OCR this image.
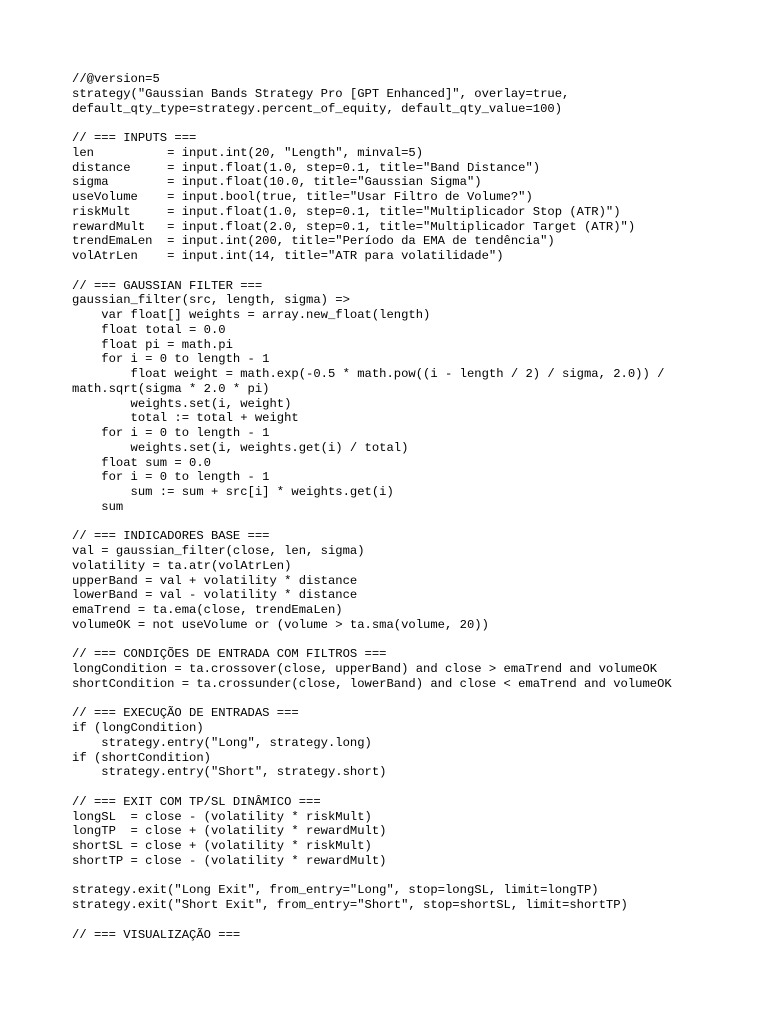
//@version=5
strategy("Gaussian Bands Strategy Pro [GPT Enhanced]", overlay=true,
default_qty_type=strategy.percent_of_equity, default_qty_value=100)
// === INPUTS ===
len          = input.int(20, "Length", minval=5)
distance     = input.float(1.0, step=0.1, title="Band Distance")
sigma        = input.float(10.0, title="Gaussian Sigma")
useVolume    = input.bool(true, title="Usar Filtro de Volume?")
riskMult     = input.float(1.0, step=0.1, title="Multiplicador Stop (ATR)")
rewardMult   = input.float(2.0, step=0.1, title="Multiplicador Target (ATR)")
trendEmaLen  = input.int(200, title="Período da EMA de tendência")
volAtrLen    = input.int(14, title="ATR para volatilidade")
// === GAUSSIAN FILTER ===
gaussian_filter(src, length, sigma) =>
var float[] weights = array.new_float(length)
float total = 0.0
float pi = math.pi
for i = 0 to length - 1
float weight = math.exp(-0.5 * math.pow((i - length / 2) / sigma, 2.0)) /
math.sqrt(sigma * 2.0 * pi)
weights.set(i, weight)
total := total + weight
for i = 0 to length - 1
weights.set(i, weights.get(i) / total)
float sum = 0.0
for i = 0 to length - 1
sum := sum + src[i] * weights.get(i)
sum
// === INDICADORES BASE ===
val = gaussian_filter(close, len, sigma)
volatility = ta.atr(volAtrLen)
upperBand = val + volatility * distance
lowerBand = val - volatility * distance
emaTrend = ta.ema(close, trendEmaLen)
volumeOK = not useVolume or (volume > ta.sma(volume, 20))
// === CONDIÇÕES DE ENTRADA COM FILTROS ===
longCondition = ta.crossover(close, upperBand) and close > emaTrend and volumeOK
shortCondition = ta.crossunder(close, lowerBand) and close < emaTrend and volumeOK
// === EXECUÇÃO DE ENTRADAS ===
if (longCondition)
strategy.entry("Long", strategy.long)
if (shortCondition)
strategy.entry("Short", strategy.short)
// === EXIT COM TP/SL DINÂMICO ===
longSL  = close - (volatility * riskMult)
longTP  = close + (volatility * rewardMult)
shortSL = close + (volatility * riskMult)
shortTP = close - (volatility * rewardMult)
strategy.exit("Long Exit", from_entry="Long", stop=longSL, limit=longTP)
strategy.exit("Short Exit", from_entry="Short", stop=shortSL, limit=shortTP)
// === VISUALIZAÇÃO ===
